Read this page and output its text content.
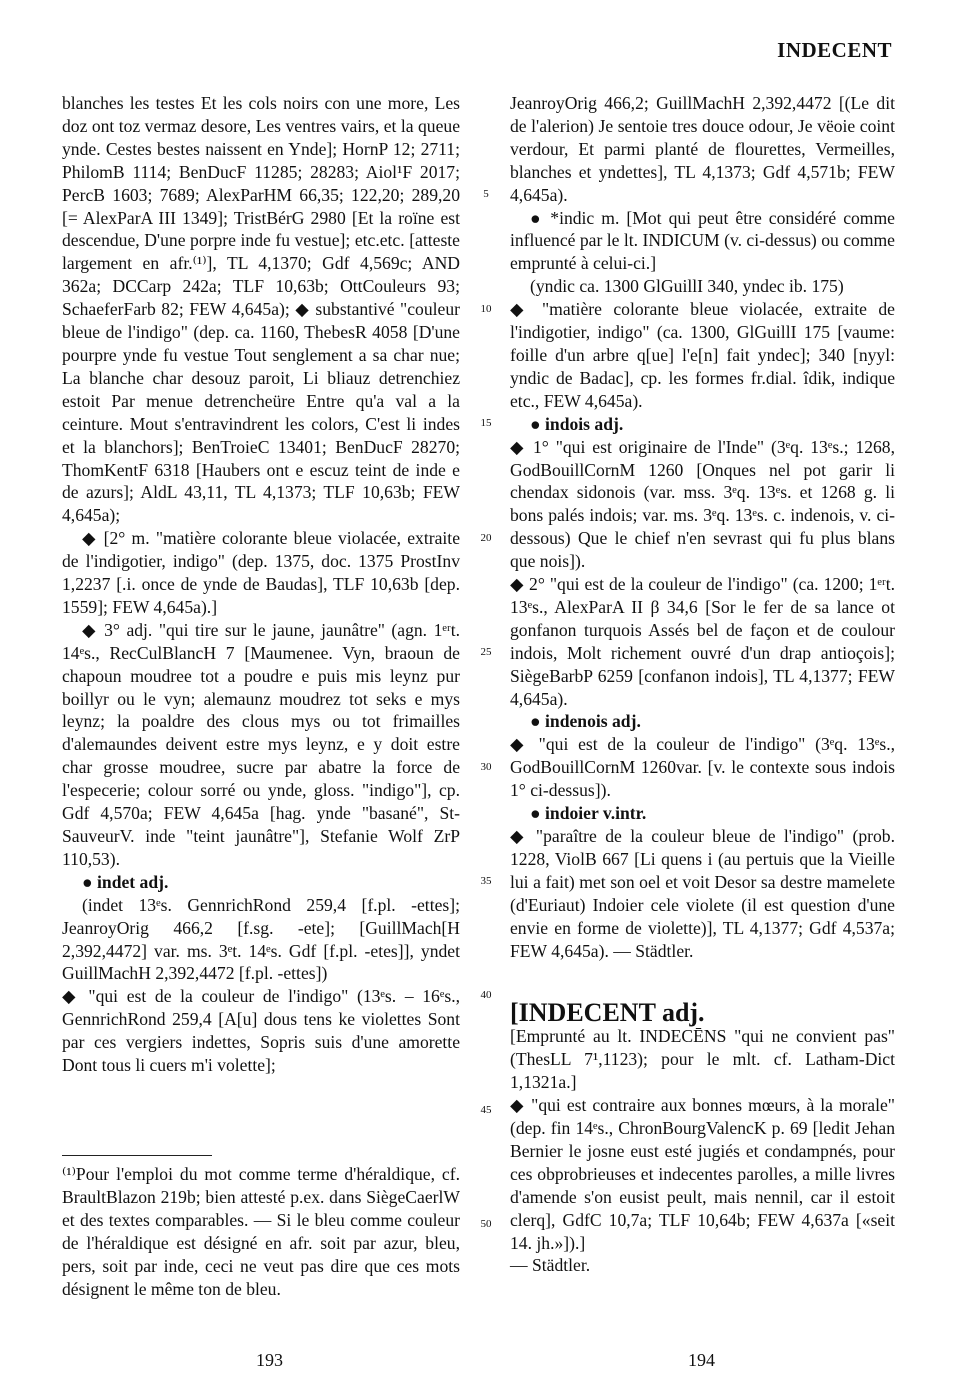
INDECENT

blanches les testes Et les cols noirs con une more, Les doz ont toz vermaz desore, Les ventres vairs, et la queue ynde. Cestes bestes naissent en Ynde]; HornP 12; 2711; PhilomB 1114; BenDucF 11285; 28283; Aiol¹F 2017; PercB 1603; 7689; AlexParHM 66,35; 122,20; 289,20 [= AlexParA III 1349]; TristBérG 2980 [Et la roïne est descendue, D'une porpre inde fu vestue]; etc.etc. [atteste largement en afr.⁽¹⁾], TL 4,1370; Gdf 4,569c; AND 362a; DCCarp 242a; TLF 10,63b; OttCouleurs 93; SchaeferFarb 82; FEW 4,645a); ◆ substantivé "couleur bleue de l'indigo" (dep. ca. 1160, ThebesR 4058 [D'une pourpre ynde fu vestue Tout senglement a sa char nue; La blanche char desouz paroit, Li bliauz detrenchiez estoit Par menue detrencheüre Entre qu'a val a la ceinture. Mout s'entravindrent les colors, C'est li indes et la blanchors]; BenTroieC 13401; BenDucF 28270; ThomKentF 6318 [Haubers ont e escuz teint de inde e de azurs]; AldL 43,11, TL 4,1373; TLF 10,63b; FEW 4,645a);

◆ [2° m. "matière colorante bleue violacée, extraite de l'indigotier, indigo" (dep. 1375, doc. 1375 ProstInv 1,2237 [.i. once de ynde de Baudas], TLF 10,63b [dep. 1559]; FEW 4,645a).]

◆ 3° adj. "qui tire sur le jaune, jaunâtre" (agn. 1ᵉʳt. 14ᵉs., RecCulBlancH 7 [Maumenee. Vyn, braoun de chapoun moudree tot a poudre e puis mis leynz pur boillyr ou le vyn; alemaunz moudrez tot seks e mys leynz; la poaldre des clous mys ou tot frimailles d'alemaundes deivent estre mys leynz, e y doit estre char grosse moudree, sucre par abatre la force de l'especerie; colour sorré ou ynde, gloss. "indigo"], cp. Gdf 4,570a; FEW 4,645a [hag. ynde "basané", St-SauveurV. inde "teint jaunâtre"], Stefanie Wolf ZrP 110,53).

● indet adj.

(indet 13ᵉs. GennrichRond 259,4 [f.pl. -ettes]; JeanroyOrig 466,2 [f.sg. -ete]; [GuillMach[H 2,392,4472] var. ms. 3ᵉt. 14ᵉs. Gdf [f.pl. -etes]], yndet GuillMachH 2,392,4472 [f.pl. -ettes])

◆ "qui est de la couleur de l'indigo" (13ᵉs. – 16ᵉs., GennrichRond 259,4 [A[u] dous tens ke violettes Sont par ces vergiers indettes, Sopris suis d'une amorette Dont tous li cuers m'i volette];

⁽¹⁾Pour l'emploi du mot comme terme d'héraldique, cf. BraultBlazon 219b; bien attesté p.ex. dans SiègeCaerlW et des textes comparables. — Si le bleu comme couleur de l'héraldique est désigné en afr. soit par azur, bleu, pers, soit par inde, ceci ne veut pas dire que ces mots désignent le même ton de bleu.
5
10
15
20
25
30
35
40
45
50

JeanroyOrig 466,2; GuillMachH 2,392,4472 [(Le dit de l'alerion) Je sentoie tres douce odour, Je vëoie coint verdour, Et parmi planté de flourettes, Vermeilles, blanches et yndettes], TL 4,1373; Gdf 4,571b; FEW 4,645a).

● *indic m. [Mot qui peut être considéré comme influencé par le lt. INDICUM (v. ci-dessus) ou comme emprunté à celui-ci.]

(yndic ca. 1300 GlGuillI 340, yndec ib. 175)

◆ "matière colorante bleue violacée, extraite de l'indigotier, indigo" (ca. 1300, GlGuillI 175 [vaume: foille d'un arbre q[ue] l'e[n] fait yndec]; 340 [nyyl: yndic de Badac], cp. les formes fr.dial. îdik, indique etc., FEW 4,645a).

● indois adj.

◆ 1° "qui est originaire de l'Inde" (3ᵉq. 13ᵉs.; 1268, GodBouillCornM 1260 [Onques nel pot garir li chendax sidonois (var. mss. 3ᵉq. 13ᵉs. et 1268 g. li bons palés indois; var. ms. 3ᵉq. 13ᵉs. c. indenois, v. ci-dessous) Que le chief n'en sevrast qui fu plus blans que nois]).

◆ 2° "qui est de la couleur de l'indigo" (ca. 1200; 1ᵉʳt. 13ᵉs., AlexParA II β 34,6 [Sor le fer de sa lance ot gonfanon turquois Assés bel de façon et de coulour indois, Molt richement ouvré d'un drap antioçois]; SiègeBarbP 6259 [confanon indois], TL 4,1377; FEW 4,645a).

● indenois adj.

◆ "qui est de la couleur de l'indigo" (3ᵉq. 13ᵉs., GodBouillCornM 1260var. [v. le contexte sous indois 1° ci-dessus]).

● indoier v.intr.

◆ "paraître de la couleur bleue de l'indigo" (prob. 1228, ViolB 667 [Li quens i (au pertuis que la Vieille lui a fait) met son oel et voit Desor sa destre mamelete (d'Euriaut) Indoier cele violete (il est question d'une envie en forme de violette)], TL 4,1377; Gdf 4,537a; FEW 4,645a). — Städtler.

[INDECENT adj.

[Emprunté au lt. INDECĒNS "qui ne convient pas" (ThesLL 7¹,1123); pour le mlt. cf. Latham-Dict 1,1321a.]

◆ "qui est contraire aux bonnes mœurs, à la morale" (dep. fin 14ᵉs., ChronBourgValencK p. 69 [ledit Jehan Bernier le josne eust esté jugiés et condampnés, pour ces obprobrieuses et indecentes parolles, a mille livres d'amende s'on eusist peult, mais nennil, car il estoit clerq], GdfC 10,7a; TLF 10,64b; FEW 4,637a [«seit 14. jh.»]).]

— Städtler.

193	194
